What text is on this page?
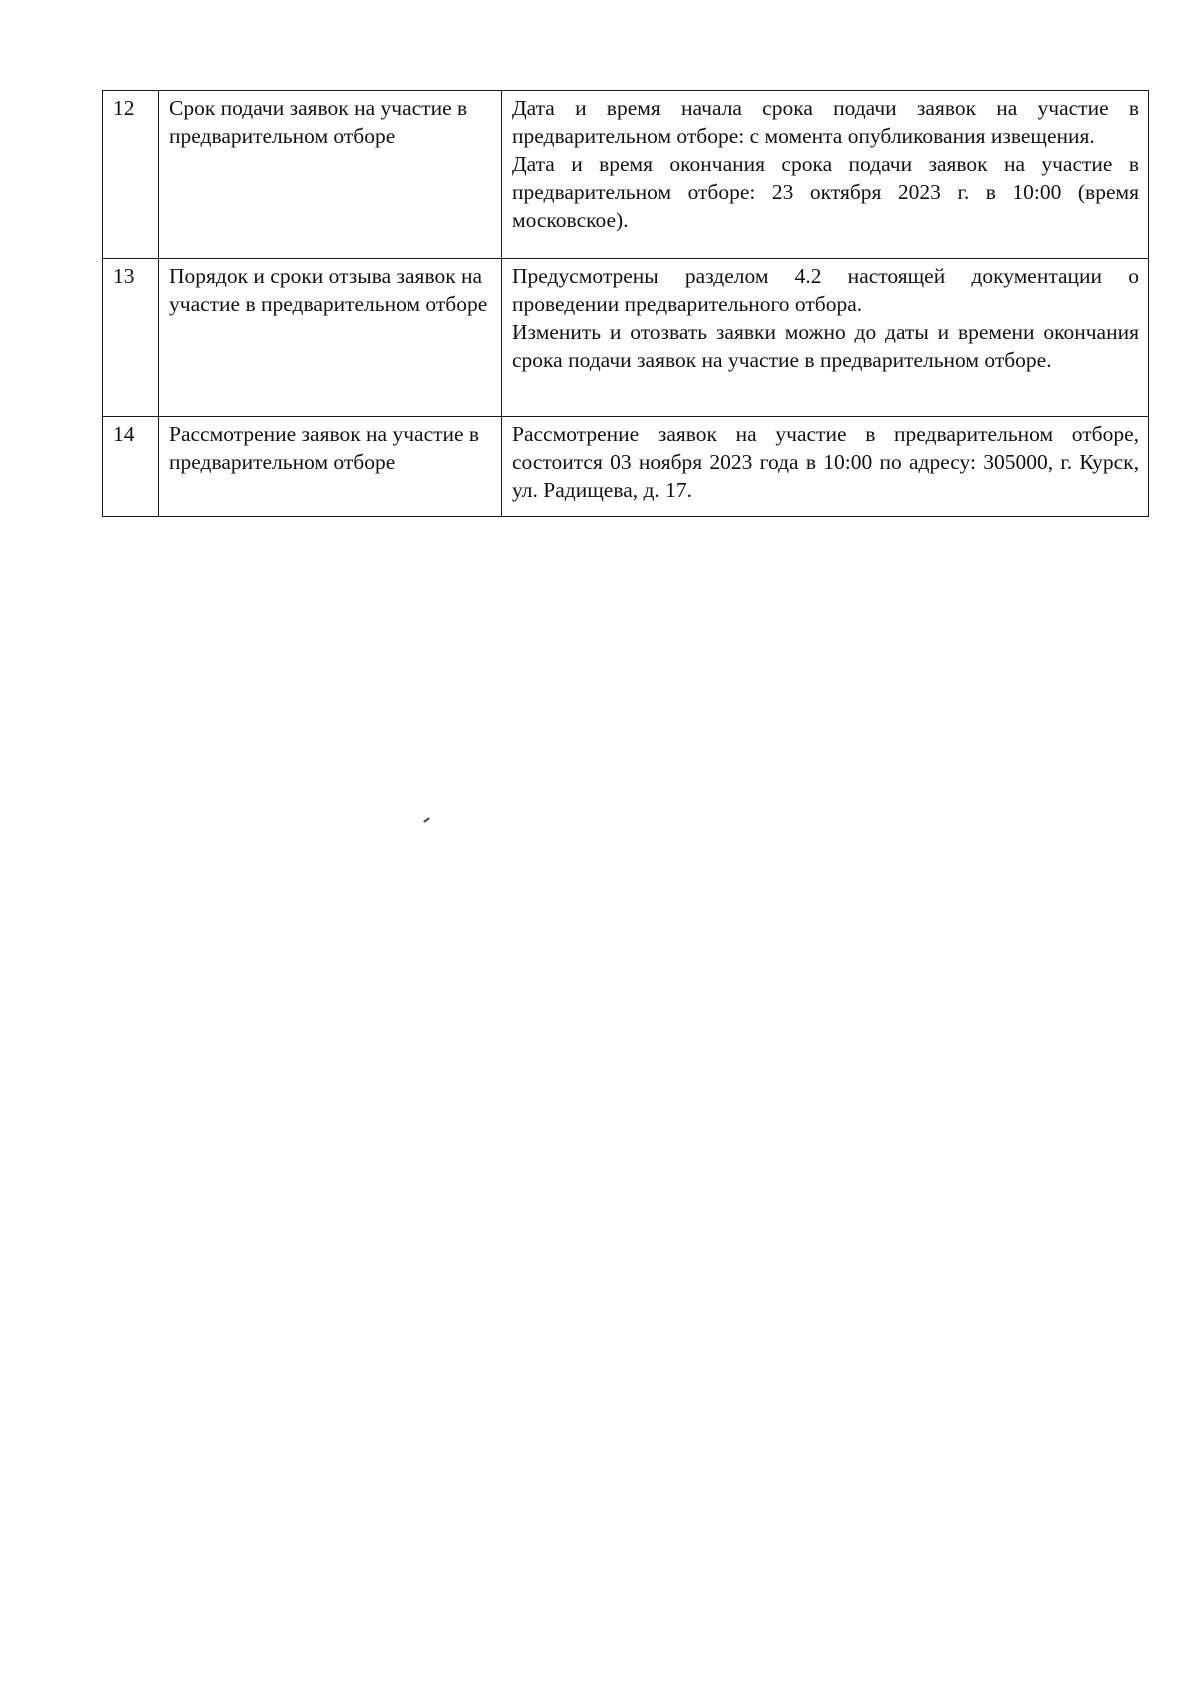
12	Срок подачи заявок на участие в предварительном отборе	Дата и время начала срока подачи заявок на участие в предварительном отборе: с момента опубликования извещения.

Дата и время окончания срока подачи заявок на участие в предварительном отборе: 23 октября 2023 г. в 10:00 (время московское).

13	Порядок и сроки отзыва заявок на участие в предварительном отборе	Предусмотрены разделом 4.2 настоящей документации о проведении предварительного отбора.

Изменить и отозвать заявки можно до даты и времени окончания срока подачи заявок на участие в предварительном отборе.

14	Рассмотрение заявок на участие в предварительном отборе	Рассмотрение заявок на участие в предварительном отборе, состоится 03 ноября 2023 года в 10:00 по адресу: 305000, г. Курск, ул. Радищева, д. 17.
